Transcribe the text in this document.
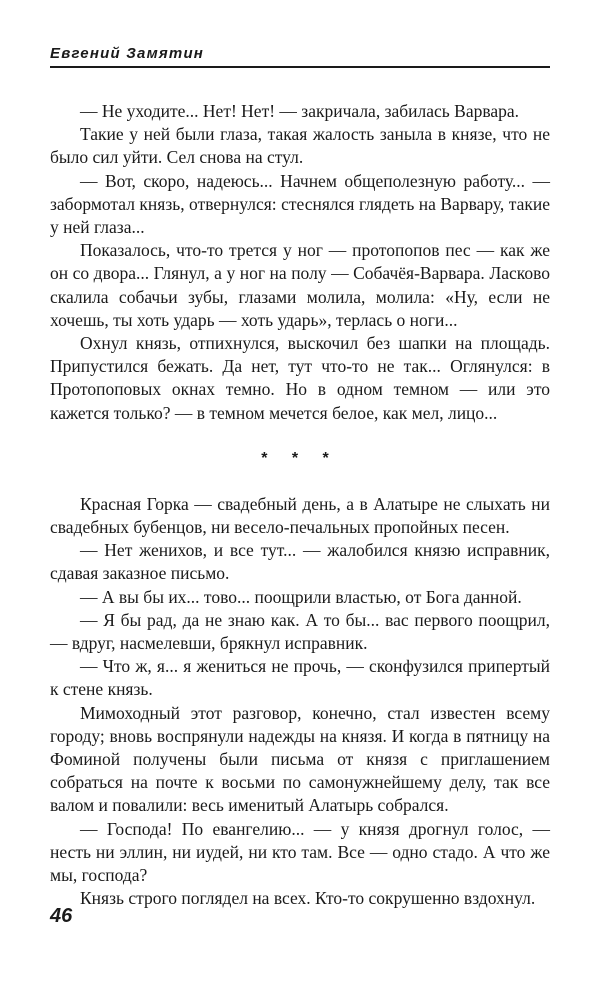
Евгений Замятин

— Не уходите... Нет! Нет! — закричала, забилась Варвара.

Такие у ней были глаза, такая жалость заныла в князе, что не было сил уйти. Сел снова на стул.

— Вот, скоро, надеюсь... Начнем общеполезную работу... — забормотал князь, отвернулся: стеснялся глядеть на Варвару, такие у ней глаза...

Показалось, что-то трется у ног — протопопов пес — как же он со двора... Глянул, а у ног на полу — Собачёя-Варвара. Ласково скалила собачьи зубы, глазами молила, молила: «Ну, если не хочешь, ты хоть ударь — хоть ударь», терлась о ноги...

Охнул князь, отпихнулся, выскочил без шапки на площадь. Припустился бежать. Да нет, тут что-то не так... Оглянулся: в Протопоповых окнах темно. Но в одном темном — или это кажется только? — в темном мечется белое, как мел, лицо...

* * *

Красная Горка — свадебный день, а в Алатыре не слыхать ни свадебных бубенцов, ни весело-печальных пропойных песен.

— Нет женихов, и все тут... — жалобился князю исправник, сдавая заказное письмо.

— А вы бы их... тово... поощрили властью, от Бога данной.

— Я бы рад, да не знаю как. А то бы... вас первого поощрил, — вдруг, насмелевши, брякнул исправник.

— Что ж, я... я жениться не прочь, — сконфузился припертый к стене князь.

Мимоходный этот разговор, конечно, стал известен всему городу; вновь воспрянули надежды на князя. И когда в пятницу на Фоминой получены были письма от князя с приглашением собраться на почте к восьми по самонужнейшему делу, так все валом и повалили: весь именитый Алатырь собрался.

— Господа! По евангелию... — у князя дрогнул голос, — несть ни эллин, ни иудей, ни кто там. Все — одно стадо. А что же мы, господа?

Князь строго поглядел на всех. Кто-то сокрушенно вздохнул.

46
